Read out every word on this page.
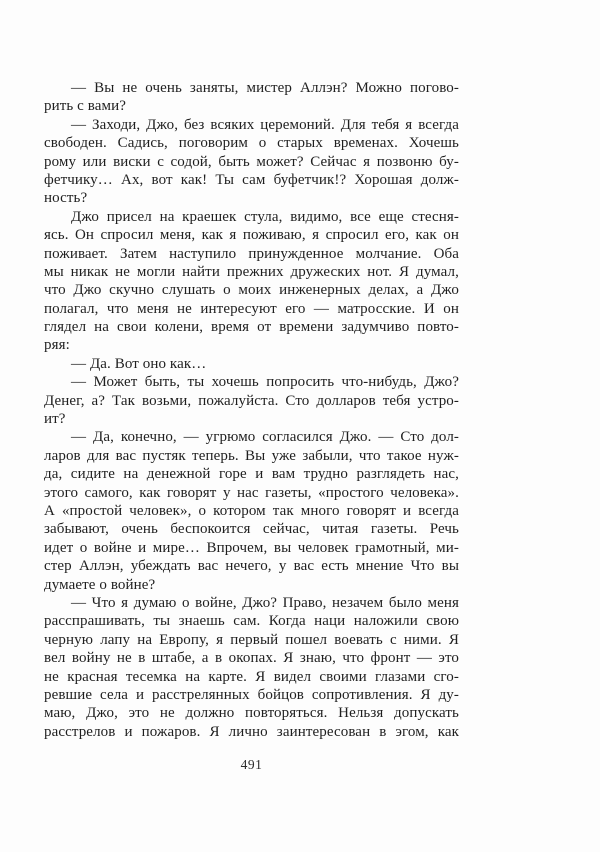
— Вы не очень заняты, мистер Аллэн? Можно погово-
рить с вами?

— Заходи, Джо, без всяких церемоний. Для тебя я всегда
свободен. Садись, поговорим о старых временах. Хочешь
рому или виски с содой, быть может? Сейчас я позвоню бу-
фетчику… Ах, вот как! Ты сам буфетчик!? Хорошая долж-
ность?

Джо присел на краешек стула, видимо, все еще стесня-
ясь. Он спросил меня, как я поживаю, я спросил его, как он
поживает. Затем наступило принужденное молчание. Оба
мы никак не могли найти прежних дружеских нот. Я думал,
что Джо скучно слушать о моих инженерных делах, а Джо
полагал, что меня не интересуют его — матросские. И он
глядел на свои колени, время от времени задумчиво повто-
ряя:

— Да. Вот оно как…

— Может быть, ты хочешь попросить что-нибудь, Джо?
Денег, а? Так возьми, пожалуйста. Сто долларов тебя устро-
ит?

— Да, конечно, — угрюмо согласился Джо. — Сто дол-
ларов для вас пустяк теперь. Вы уже забыли, что такое нуж-
да, сидите на денежной горе и вам трудно разглядеть нас,
этого самого, как говорят у нас газеты, «простого человека».
А «простой человек», о котором так много говорят и всегда
забывают, очень беспокоится сейчас, читая газеты. Речь
идет о войне и мире… Впрочем, вы человек грамотный, ми-
стер Аллэн, убеждать вас нечего, у вас есть мнение Что вы
думаете о войне?

— Что я думаю о войне, Джо? Право, незачем было меня
расспрашивать, ты знаешь сам. Когда наци наложили свою
черную лапу на Европу, я первый пошел воевать с ними. Я
вел войну не в штабе, а в окопах. Я знаю, что фронт — это
не красная тесемка на карте. Я видел своими глазами сго-
ревшие села и расстрелянных бойцов сопротивления. Я ду-
маю, Джо, это не должно повторяться. Нельзя допускать
расстрелов и пожаров. Я лично заинтересован в эгом, как

491
